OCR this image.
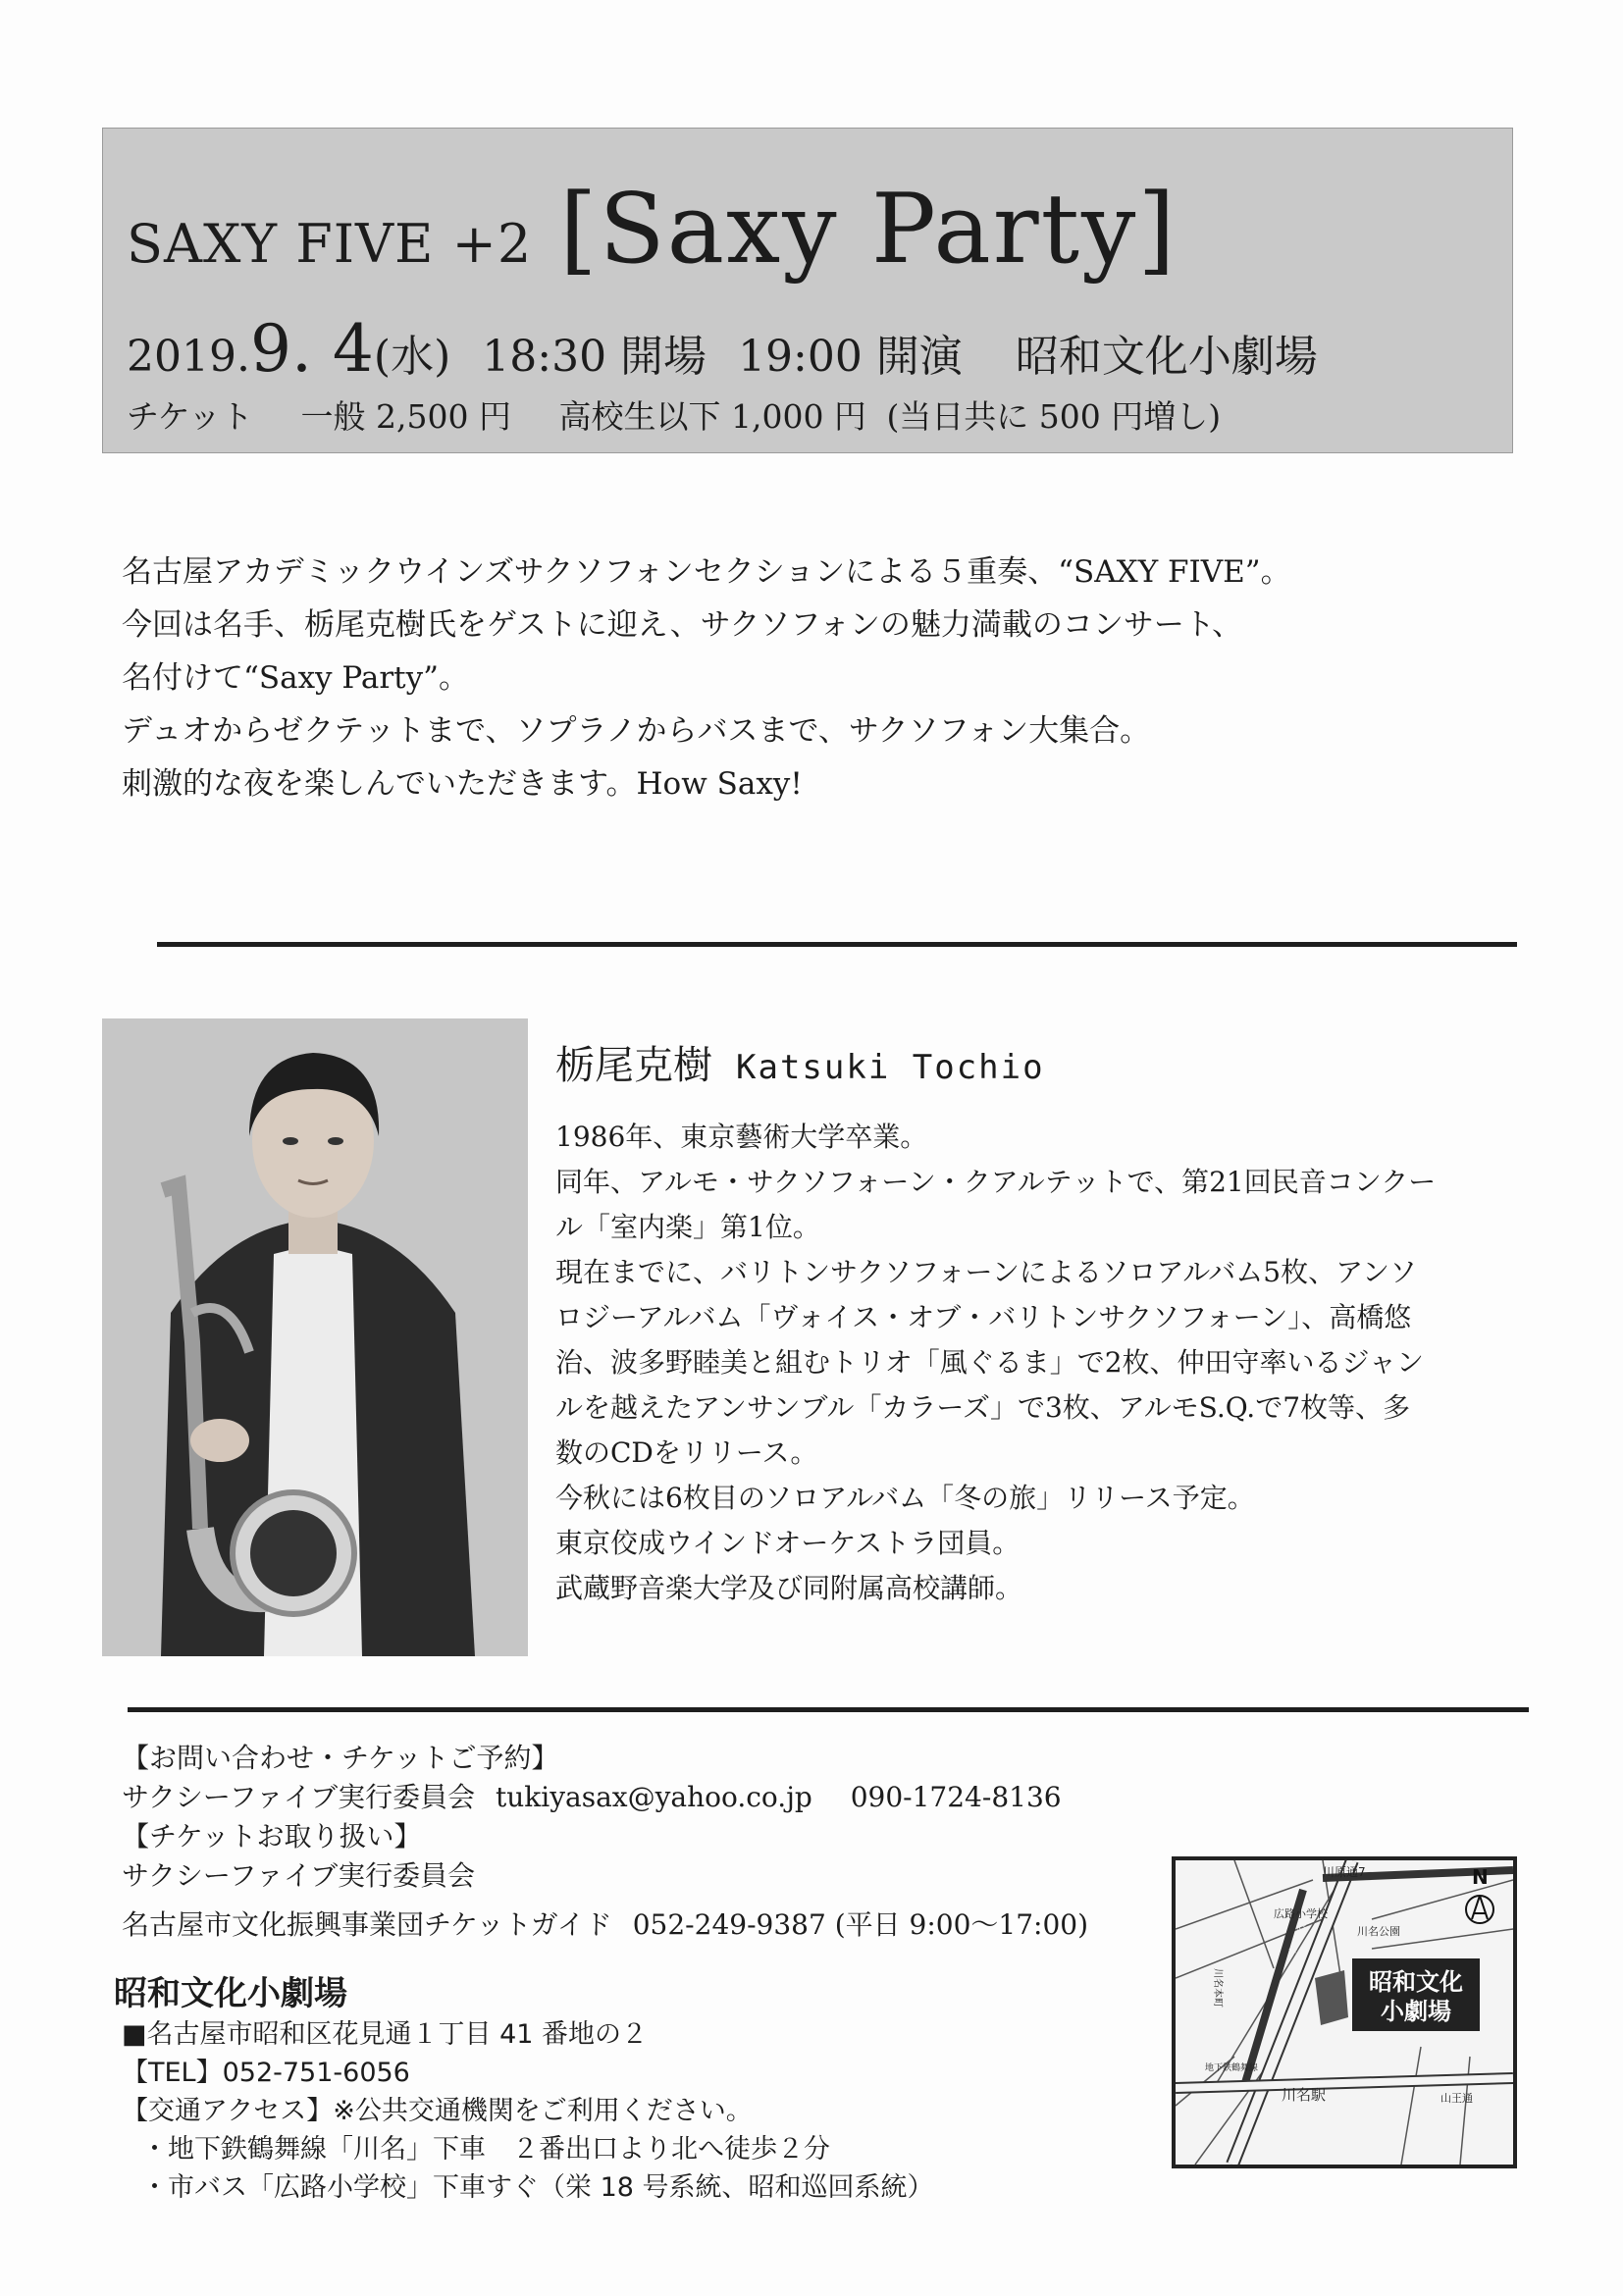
SAXY FIVE +2 [Saxy Party]
2019.9. 4(水) 18:30 開場 19:00 開演 昭和文化小劇場
チケット 一般 2,500 円 高校生以下 1,000 円 (当日共に 500 円増し)
名古屋アカデミックウインズサクソフォンセクションによる５重奏、“SAXY FIVE”。
今回は名手、栃尾克樹氏をゲストに迎え、サクソフォンの魅力満載のコンサート、
名付けて“Saxy Party”。
デュオからゼクテットまで、ソプラノからバスまで、サクソフォン大集合。
刺激的な夜を楽しんでいただきます。How Saxy!
栃尾克樹 Katsuki Tochio
1986年、東京藝術大学卒業。
同年、アルモ・サクソフォーン・クアルテットで、第21回民音コンクー
ル「室内楽」第1位。
現在までに、バリトンサクソフォーンによるソロアルバム5枚、アンソ
ロジーアルバム「ヴォイス・オブ・バリトンサクソフォーン」、高橋悠
治、波多野睦美と組むトリオ「風ぐるま」で2枚、仲田守率いるジャン
ルを越えたアンサンブル「カラーズ」で3枚、アルモS.Q.で7枚等、多
数のCDをリリース。
今秋には6枚目のソロアルバム「冬の旅」リリース予定。
東京佼成ウインドオーケストラ団員。
武蔵野音楽大学及び同附属高校講師。
【お問い合わせ・チケットご予約】
サクシーファイブ実行委員会 tukiyasax@yahoo.co.jp 090-1724-8136
【チケットお取り扱い】
サクシーファイブ実行委員会
名古屋市文化振興事業団チケットガイド 052-249-9387 (平日 9:00～17:00)
昭和文化小劇場
■名古屋市昭和区花見通１丁目 41 番地の２
【TEL】052-751-6056
【交通アクセス】※公共交通機関をご利用ください。
・地下鉄鶴舞線「川名」下車　２番出口より北へ徒歩２分
・市バス「広路小学校」下車すぐ（栄 18 号系統、昭和巡回系統）
昭和文化
小劇場
川原通7
広路小学校
川名公園
川名駅	山王通
地下鉄鶴舞線
川名本町
飯田街道
N
